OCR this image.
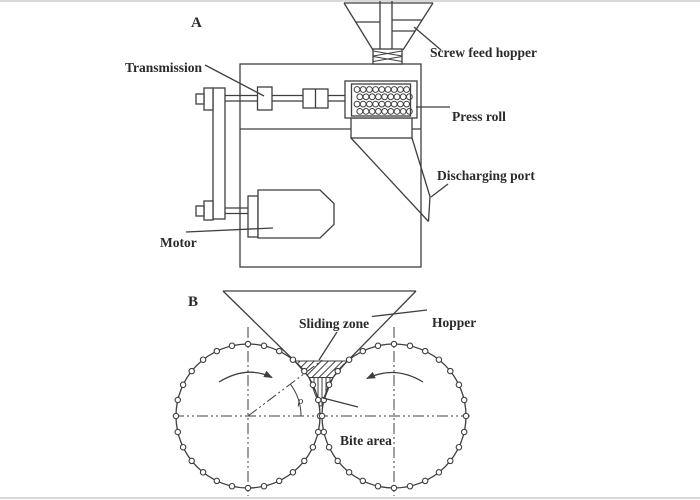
A
Transmission
Screw feed hopper
Press roll
Discharging port
Motor
ρ
B
Sliding zone	Hopper
Bite area
